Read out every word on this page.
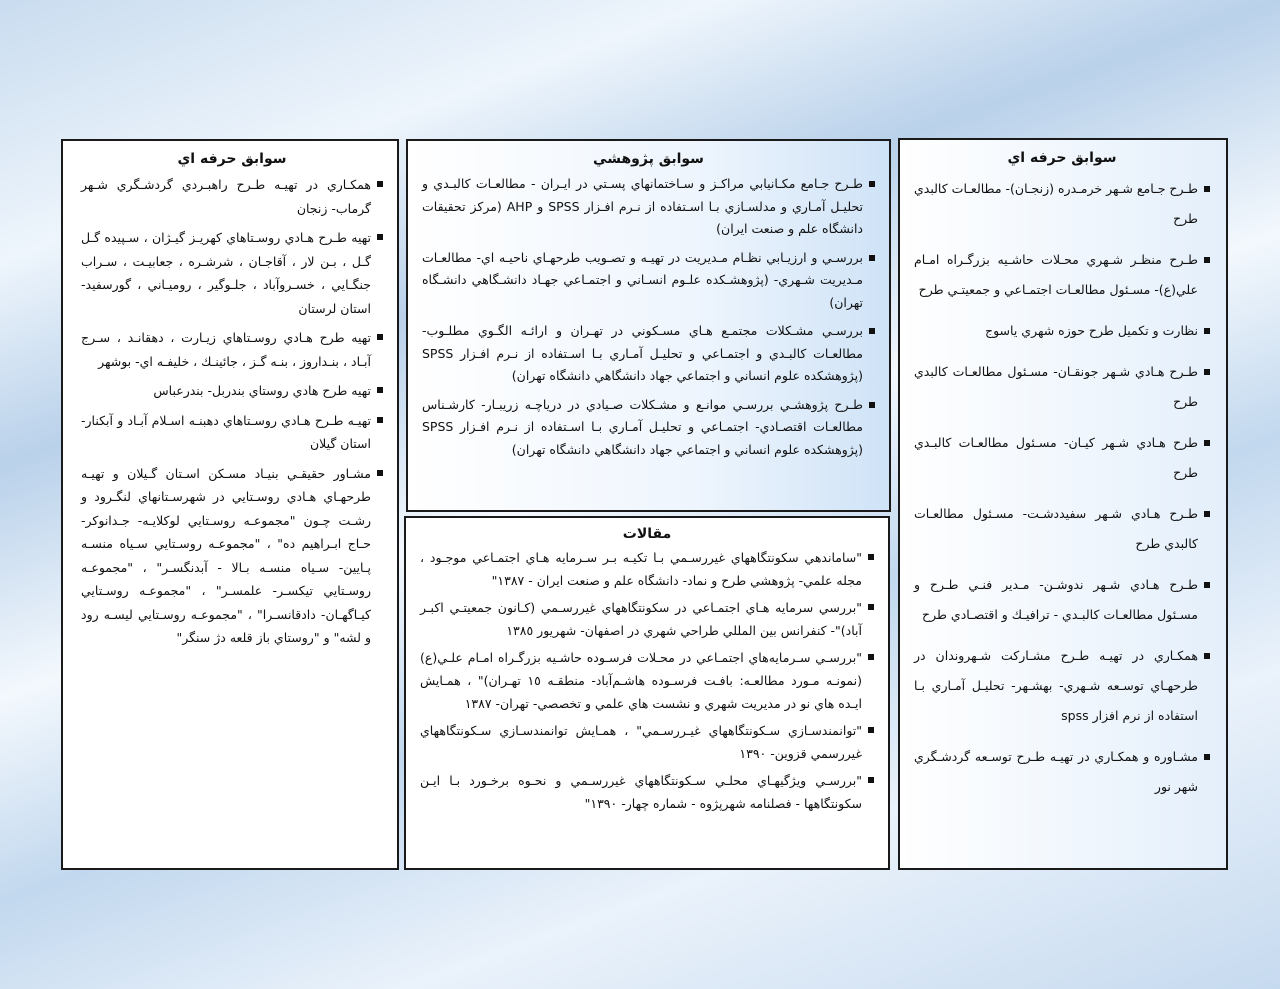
سوابق حرفه اي
همكـاري در تهيـه طـرح راهبـردي گردشـگري شـهر گرماب- زنجان
تهيه طـرح هـادي روسـتاهاي كهريـز گيـژان ، سـپيده گـل گـل ، بـن لار ، آقاجـان ، شرشـره ، جعابيـت ، سـراب جنگـايي ، خسـروآباد ، جلـوگير ، روميـاني ، گورسفيد- استان لرستان
تهيه طرح هـادي روسـتاهاي زيـارت ، دهقانـد ، سـرج آبـاد ، بنـداروز ، بنـه گـز ، جائينـك ، خليفـه اي- بوشهر
تهيه طرح هادي روستاي بندربل- بندرعباس
تهيـه طـرح هـادي روسـتاهاي دهبنـه اسـلام آبـاد و آبكنار- استان گيلان
مشـاور حقيقـي بنيـاد مسـكن اسـتان گـيلان و تهيـه طرحهـاي هـادي روسـتايي در شهرسـتانهاي لنگـرود و رشـت چـون "مجموعـه روسـتايي لوكلايـه- جـدانوكر- حـاج ابـراهيم ده" ، "مجموعـه روسـتايي سـياه منسـه پـايين- سـياه منسـه بـالا - آبدنگسـر" ، "مجموعـه روسـتايي تيكسـر- علمسـر" ، "مجموعـه روسـتايي كيـاگهـان- دادقانسـرا" ، "مجموعـه روسـتايي ليسـه رود و لشه" و "روستاي باز قلعه دژ سنگر"
سوابق پژوهشي
طـرح جـامع مكـانيابي مراكـز و سـاختمانهاي پسـتي در ايـران - مطالعـات كالبـدي و تحليـل آمـاري و مدلسـازي بـا اسـتفاده از نـرم افـزار SPSS و AHP (مركز تحقيقات دانشگاه علم و صنعت ايران)
بررسـي و ارزيـابي نظـام مـديريت در تهيـه و تصـويب طرحهـاي ناحيـه اي- مطالعـات مـديريت شـهري- (پژوهشـكده علـوم انسـاني و اجتمـاعي جهـاد دانشـگاهي دانشـگاه تهران)
بررسـي مشـكلات مجتمـع هـاي مسـكوني در تهـران و ارائـه الگـوي مطلـوب- مطالعـات كالبـدي و اجتمـاعي و تحليـل آمـاري بـا اسـتفاده از نـرم افـزار SPSS (پژوهشكده علوم انساني و اجتماعي جهاد دانشگاهي دانشگاه تهران)
طـرح پژوهشـي بررسـي موانـع و مشـكلات صـيادي در درياچـه زريبـار- كارشـناس مطالعـات اقتصـادي- اجتمـاعي و تحليـل آمـاري بـا اسـتفاده از نـرم افـزار SPSS (پژوهشكده علوم انساني و اجتماعي جهاد دانشگاهي دانشگاه تهران)
مقالات
"ساماندهي سكونتگاههاي غيررسـمي بـا تكيـه بـر سـرمايه هـاي اجتمـاعي موجـود ، مجله علمي- پژوهشي طرح و نماد- دانشگاه علم و صنعت ايران - ١٣٨٧"
"بررسي سرمايه هـاي اجتمـاعي در سكونتگاههاي غيررسـمي (كـانون جمعيتـي اكبـر آباد)"- كنفرانس بين المللي طراحي شهري در اصفهان- شهريور ١٣٨٥
"بررسـي سـرمايه‌هاي اجتمـاعي در محـلات فرسـوده حاشـيه بزرگـراه امـام علـي(ع) (نمونـه مـورد مطالعـه: بافـت فرسـوده هاشـم‌آباد- منطقـه ١٥ تهـران)" ، همـايش ايـده هاي نو در مديريت شهري و نشست هاي علمي و تخصصي- تهران- ١٣٨٧
"توانمندسـازي سـكونتگاههاي غيـررسـمي" ، همـايش توانمندسـازي سـكونتگاههاي غيررسمي قزوين- ١٣٩٠
"بررسـي ويژگيهـاي محلـي سـكونتگاههاي غيررسـمي و نحـوه برخـورد بـا ايـن سكونتگاهها - فصلنامه شهرپژوه - شماره چهار- ١٣٩٠"
سوابق حرفه اي
طـرح جـامع شـهر خرمـدره (زنجـان)- مطالعـات كالبدي طرح
طـرح منظـر شـهري محـلات حاشـيه بزرگـراه امـام علي(ع)- مسـئول مطالعـات اجتمـاعي و جمعيتـي طرح
نظارت و تكميل طرح حوزه شهري ياسوج
طـرح هـادي شـهر جونقـان- مسـئول مطالعـات كالبدي طرح
طرح هـادي شـهر كيـان- مسـئول مطالعـات كالبـدي طرح
طـرح هـادي شـهر سفيددشـت- مسـئول مطالعـات كالبدي طرح
طـرح هـادي شـهر ندوشـن- مـدير فنـي طـرح و مسـئول مطالعـات كالبـدي - ترافيـك و اقتصـادي طرح
همكـاري در تهيـه طـرح مشـاركت شـهروندان در طرحهـاي توسـعه شـهري- بهشـهر- تحليـل آمـاري بـا استفاده از نرم افزار spss
مشـاوره و همكـاري در تهيـه طـرح توسـعه گردشـگري شهر نور
